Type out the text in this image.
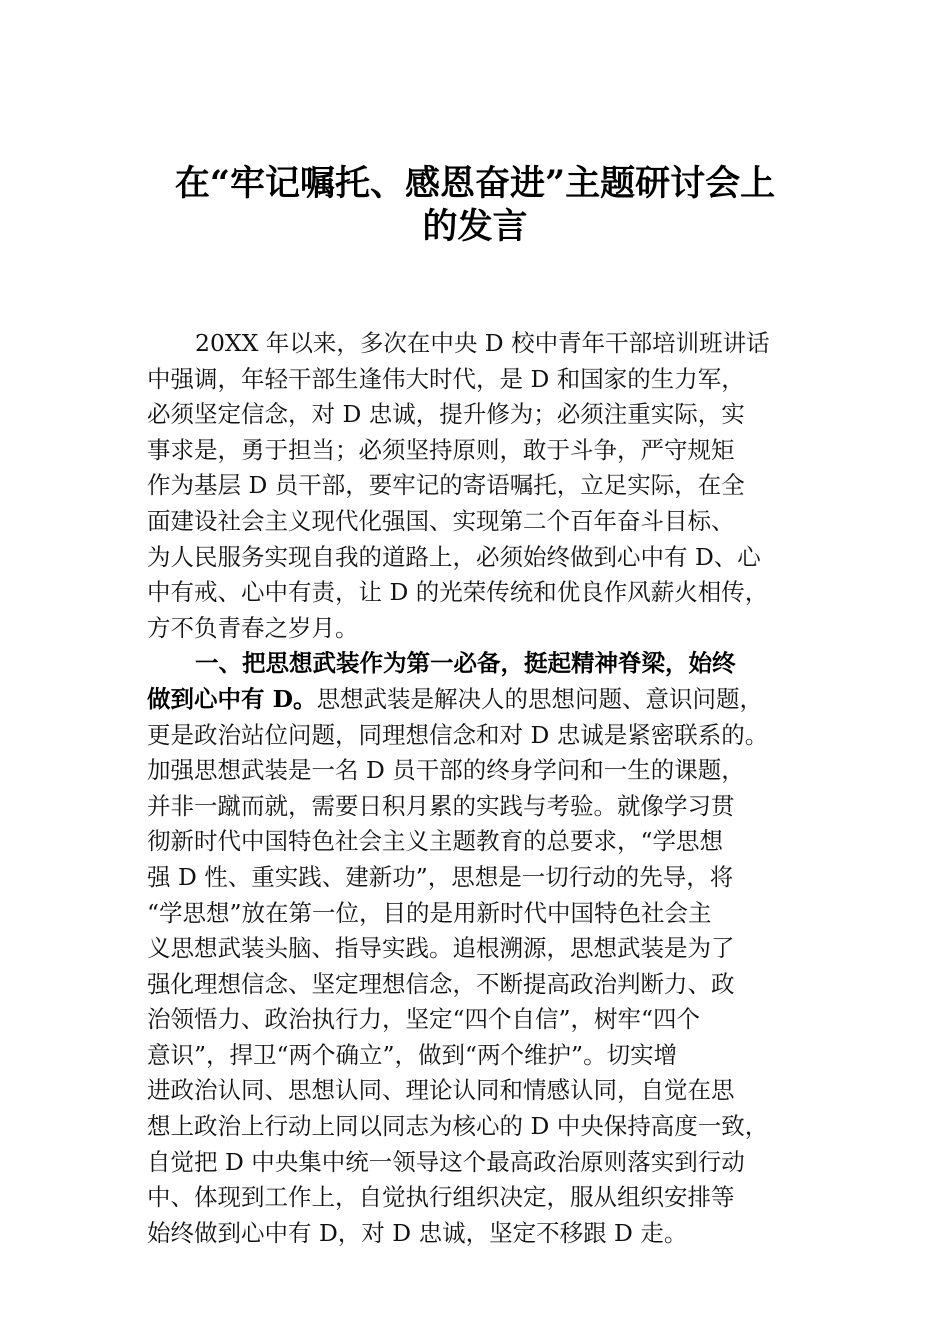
在“牢记嘱托、感恩奋进”主题研讨会上
的发言
20XX 年以来，多次在中央 D 校中青年干部培训班讲话
中强调，年轻干部生逢伟大时代，是 D 和国家的生力军，
必须坚定信念，对 D 忠诚，提升修为；必须注重实际，实
事求是，勇于担当；必须坚持原则，敢于斗争，严守规矩
作为基层 D 员干部，要牢记的寄语嘱托，立足实际，在全
面建设社会主义现代化强国、实现第二个百年奋斗目标、
为人民服务实现自我的道路上，必须始终做到心中有 D、心
中有戒、心中有责，让 D 的光荣传统和优良作风薪火相传，
方不负青春之岁月。
一、把思想武装作为第一必备，挺起精神脊梁，始终
做到心中有 D。思想武装是解决人的思想问题、意识问题，
更是政治站位问题，同理想信念和对 D 忠诚是紧密联系的。
加强思想武装是一名 D 员干部的终身学问和一生的课题，
并非一蹴而就，需要日积月累的实践与考验。就像学习贯
彻新时代中国特色社会主义主题教育的总要求，“学思想
强 D 性、重实践、建新功”，思想是一切行动的先导，将
“学思想”放在第一位，目的是用新时代中国特色社会主
义思想武装头脑、指导实践。追根溯源，思想武装是为了
强化理想信念、坚定理想信念，不断提高政治判断力、政
治领悟力、政治执行力，坚定“四个自信”，树牢“四个
意识”，捍卫“两个确立”，做到“两个维护”。切实增
进政治认同、思想认同、理论认同和情感认同，自觉在思
想上政治上行动上同以同志为核心的 D 中央保持高度一致，
自觉把 D 中央集中统一领导这个最高政治原则落实到行动
中、体现到工作上，自觉执行组织决定，服从组织安排等
始终做到心中有 D，对 D 忠诚，坚定不移跟 D 走。
